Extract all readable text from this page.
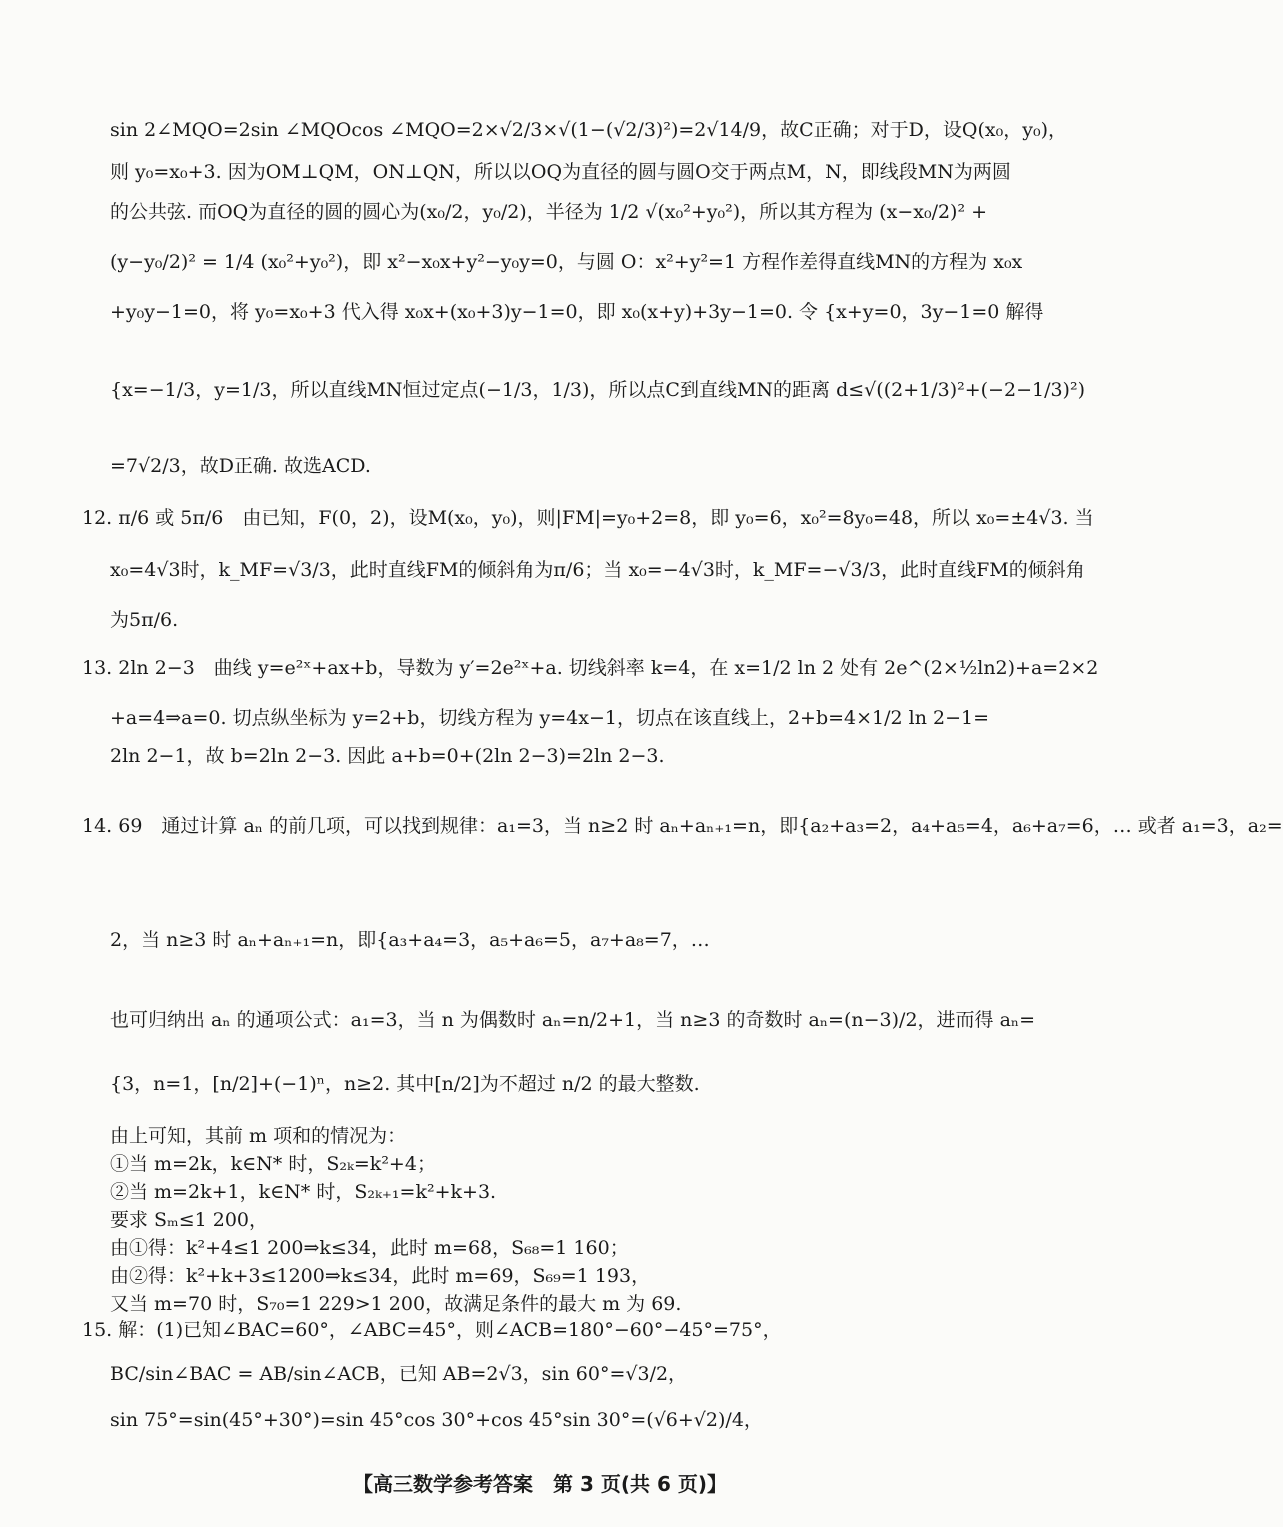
sin 2∠MQO=2sin ∠MQOcos ∠MQO=2×√2/3×√(1−(√2/3)²)=2√14/9，故C正确；对于D，设Q(x₀，y₀)，
则 y₀=x₀+3. 因为OM⊥QM，ON⊥QN，所以以OQ为直径的圆与圆O交于两点M，N，即线段MN为两圆
的公共弦. 而OQ为直径的圆的圆心为(x₀/2，y₀/2)，半径为 1/2 √(x₀²+y₀²)，所以其方程为 (x−x₀/2)² +
(y−y₀/2)² = 1/4 (x₀²+y₀²)，即 x²−x₀x+y²−y₀y=0，与圆 O：x²+y²=1 方程作差得直线MN的方程为 x₀x
+y₀y−1=0，将 y₀=x₀+3 代入得 x₀x+(x₀+3)y−1=0，即 x₀(x+y)+3y−1=0. 令 {x+y=0，3y−1=0 解得
{x=−1/3，y=1/3，所以直线MN恒过定点(−1/3，1/3)，所以点C到直线MN的距离 d≤√((2+1/3)²+(−2−1/3)²)
=7√2/3，故D正确. 故选ACD.
12. π/6 或 5π/6　由已知，F(0，2)，设M(x₀，y₀)，则|FM|=y₀+2=8，即 y₀=6，x₀²=8y₀=48，所以 x₀=±4√3. 当
x₀=4√3时，k_MF=√3/3，此时直线FM的倾斜角为π/6；当 x₀=−4√3时，k_MF=−√3/3，此时直线FM的倾斜角
为5π/6.
13. 2ln 2−3　曲线 y=e²ˣ+ax+b，导数为 y′=2e²ˣ+a. 切线斜率 k=4，在 x=1/2 ln 2 处有 2e^(2×½ln2)+a=2×2
+a=4⇒a=0. 切点纵坐标为 y=2+b，切线方程为 y=4x−1，切点在该直线上，2+b=4×1/2 ln 2−1=
2ln 2−1，故 b=2ln 2−3. 因此 a+b=0+(2ln 2−3)=2ln 2−3.
14. 69　通过计算 aₙ 的前几项，可以找到规律：a₁=3，当 n≥2 时 aₙ+aₙ₊₁=n，即{a₂+a₃=2，a₄+a₅=4，a₆+a₇=6，… 或者 a₁=3，a₂=
2，当 n≥3 时 aₙ+aₙ₊₁=n，即{a₃+a₄=3，a₅+a₆=5，a₇+a₈=7，…
也可归纳出 aₙ 的通项公式：a₁=3，当 n 为偶数时 aₙ=n/2+1，当 n≥3 的奇数时 aₙ=(n−3)/2，进而得 aₙ=
{3，n=1，[n/2]+(−1)ⁿ，n≥2. 其中[n/2]为不超过 n/2 的最大整数.
由上可知，其前 m 项和的情况为：
①当 m=2k，k∈N* 时，S₂ₖ=k²+4；
②当 m=2k+1，k∈N* 时，S₂ₖ₊₁=k²+k+3.
要求 Sₘ≤1 200，
由①得：k²+4≤1 200⇒k≤34，此时 m=68，S₆₈=1 160；
由②得：k²+k+3≤1200⇒k≤34，此时 m=69，S₆₉=1 193，
又当 m=70 时，S₇₀=1 229>1 200，故满足条件的最大 m 为 69.
15. 解：(1)已知∠BAC=60°，∠ABC=45°，则∠ACB=180°−60°−45°=75°，
BC/sin∠BAC = AB/sin∠ACB，已知 AB=2√3，sin 60°=√3/2，
sin 75°=sin(45°+30°)=sin 45°cos 30°+cos 45°sin 30°=(√6+√2)/4，
【高三数学参考答案　第 3 页(共 6 页)】
